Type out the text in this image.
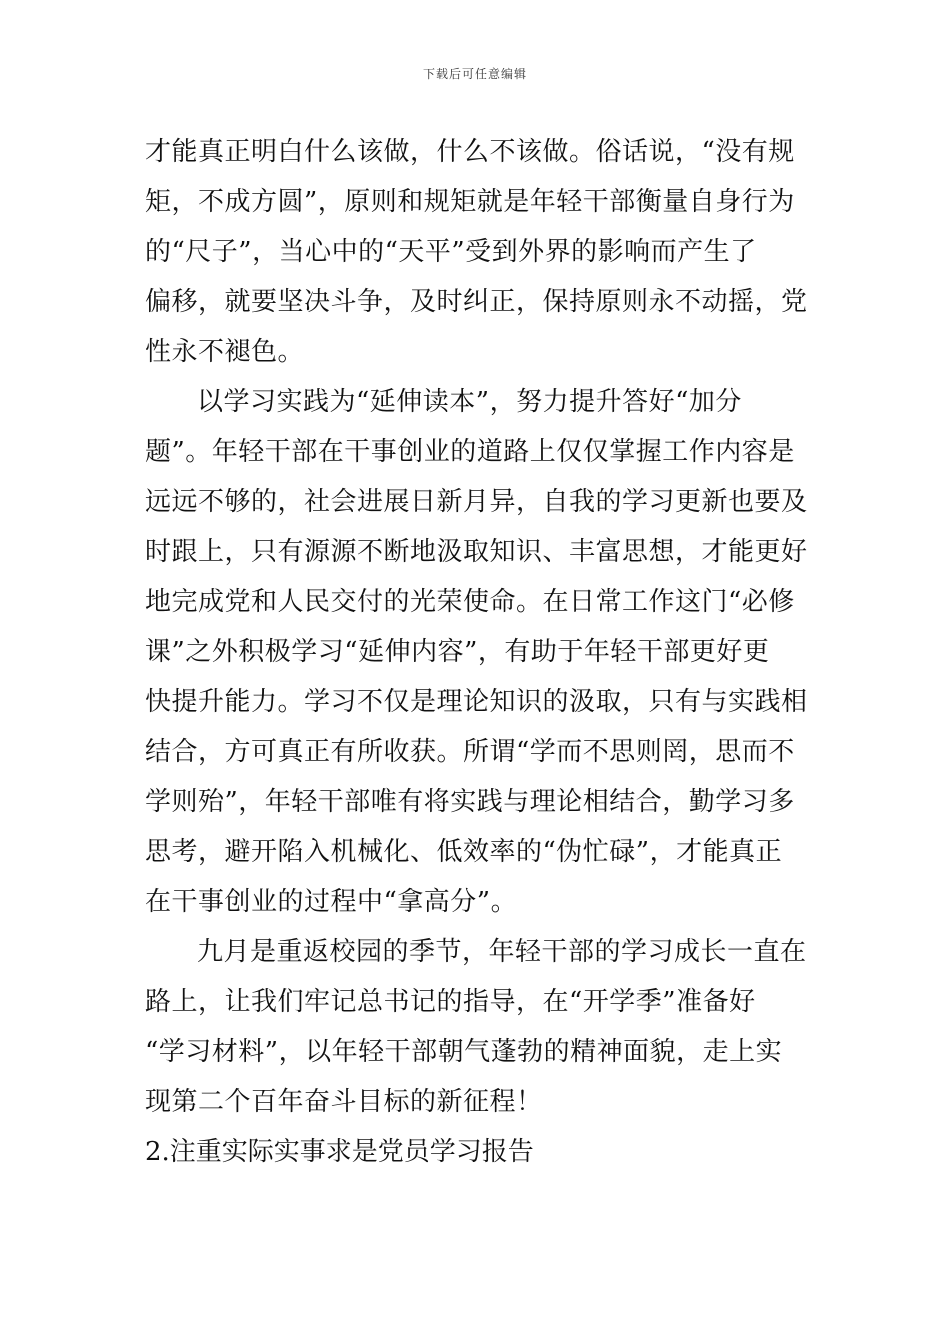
下载后可任意编辑
才能真正明白什么该做，什么不该做。俗话说，“没有规
矩，不成方圆”，原则和规矩就是年轻干部衡量自身行为
的“尺子”，当心中的“天平”受到外界的影响而产生了
偏移，就要坚决斗争，及时纠正，保持原则永不动摇，党
性永不褪色。
以学习实践为“延伸读本”，努力提升答好“加分
题”。年轻干部在干事创业的道路上仅仅掌握工作内容是
远远不够的，社会进展日新月异，自我的学习更新也要及
时跟上，只有源源不断地汲取知识、丰富思想，才能更好
地完成党和人民交付的光荣使命。在日常工作这门“必修
课”之外积极学习“延伸内容”，有助于年轻干部更好更
快提升能力。学习不仅是理论知识的汲取，只有与实践相
结合，方可真正有所收获。所谓“学而不思则罔，思而不
学则殆”，年轻干部唯有将实践与理论相结合，勤学习多
思考，避开陷入机械化、低效率的“伪忙碌”，才能真正
在干事创业的过程中“拿高分”。
九月是重返校园的季节，年轻干部的学习成长一直在
路上，让我们牢记总书记的指导，在“开学季”准备好
“学习材料”，以年轻干部朝气蓬勃的精神面貌，走上实
现第二个百年奋斗目标的新征程！
2.注重实际实事求是党员学习报告
